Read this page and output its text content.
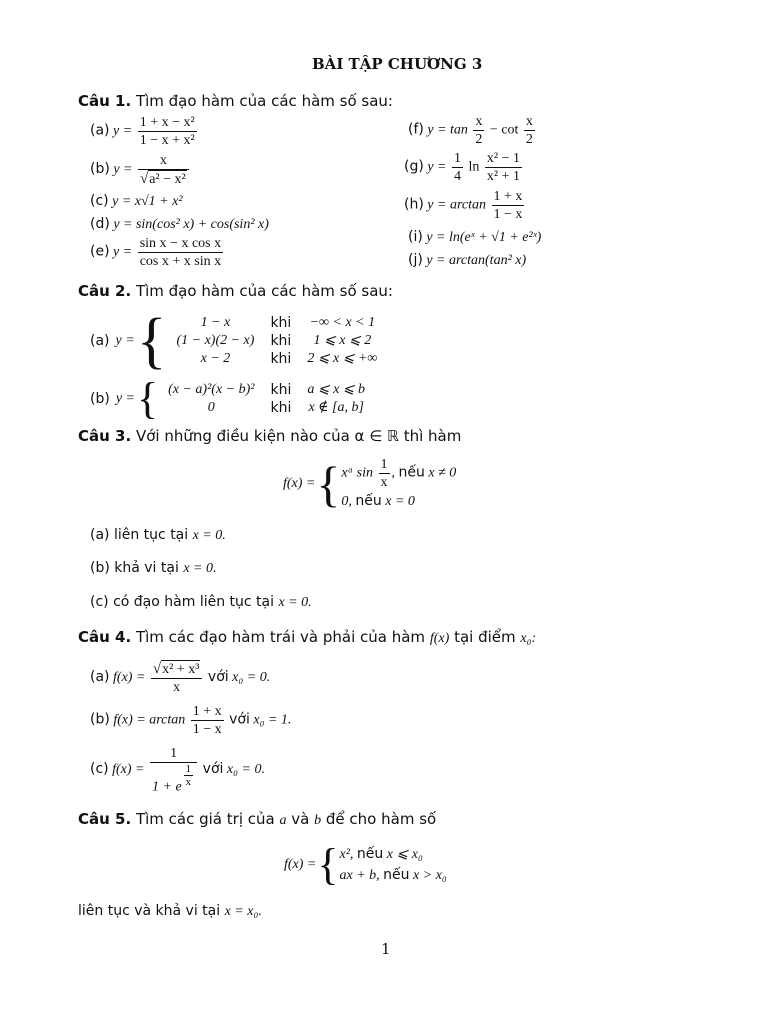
BÀI TẬP CHƯƠNG 3
Câu 1. Tìm đạo hàm của các hàm số sau:
(a) $y = \frac{\text{1 + x − x²}}{\text{1 − x + x²}}$
(b) $y = \frac{x}{\text{√a² − x²}}$
(c) y = x√1 + x²
(d) y = sin(cos² x) + cos(sin² x)
(e) $y = \frac{\text{sin x − x cos x}}{\text{cos x + x sin x}}$
(f) $y = \tan \frac{x}{2} - \cot \frac{x}{2}$
(g) $y = \frac{1}{4}$ $\ln \frac{\text{x² − 1}}{\text{x² + 1}}$
(h) $y = \arctan \frac{1 + x}{1 - x}$
(i) y = ln(eˣ + √1 + e²ˣ)
(j) y = arctan(tan² x)
Câu 2. Tìm đạo hàm của các hàm số sau:
(a) y = { 1 − x	khi	−∞ < x < 1
(1 − x)(2 − x)	khi	1 ⩽ x ⩽ 2
x − 2	khi	2 ⩽ x ⩽ +∞
(b) y = { (x − a)²(x − b)²	khi	a ⩽ x ⩽ b
0	khi	x ∉ [a, b]
Câu 3. Với những điều kiện nào của α ∈ ℝ thì hàm
f(x) = { xᵅ $\sin \frac{1}{x}$ , nếu x ≠ 0
0, nếu x = 0
(a) liên tục tại x = 0.
(b) khả vi tại x = 0.
(c) có đạo hàm liên tục tại x = 0.
Câu 4. Tìm các đạo hàm trái và phải của hàm f(x) tại điểm x₀:
(a) $f(x) = \frac{\text{√x² + x³}}{x}$ với x₀ = 0.
(b) $f(x) = \arctan \frac{1 + x}{1 - x}$ với x₀ = 1.
(c) $f(x) = \frac{1}{1 + e \frac{1}{x}}$ với x₀ = 0.
Câu 5. Tìm các giá trị của a và b để cho hàm số
f(x) = { x², nếu x ⩽ x₀
ax + b, nếu x > x₀
liên tục và khả vi tại x = x₀.
1
